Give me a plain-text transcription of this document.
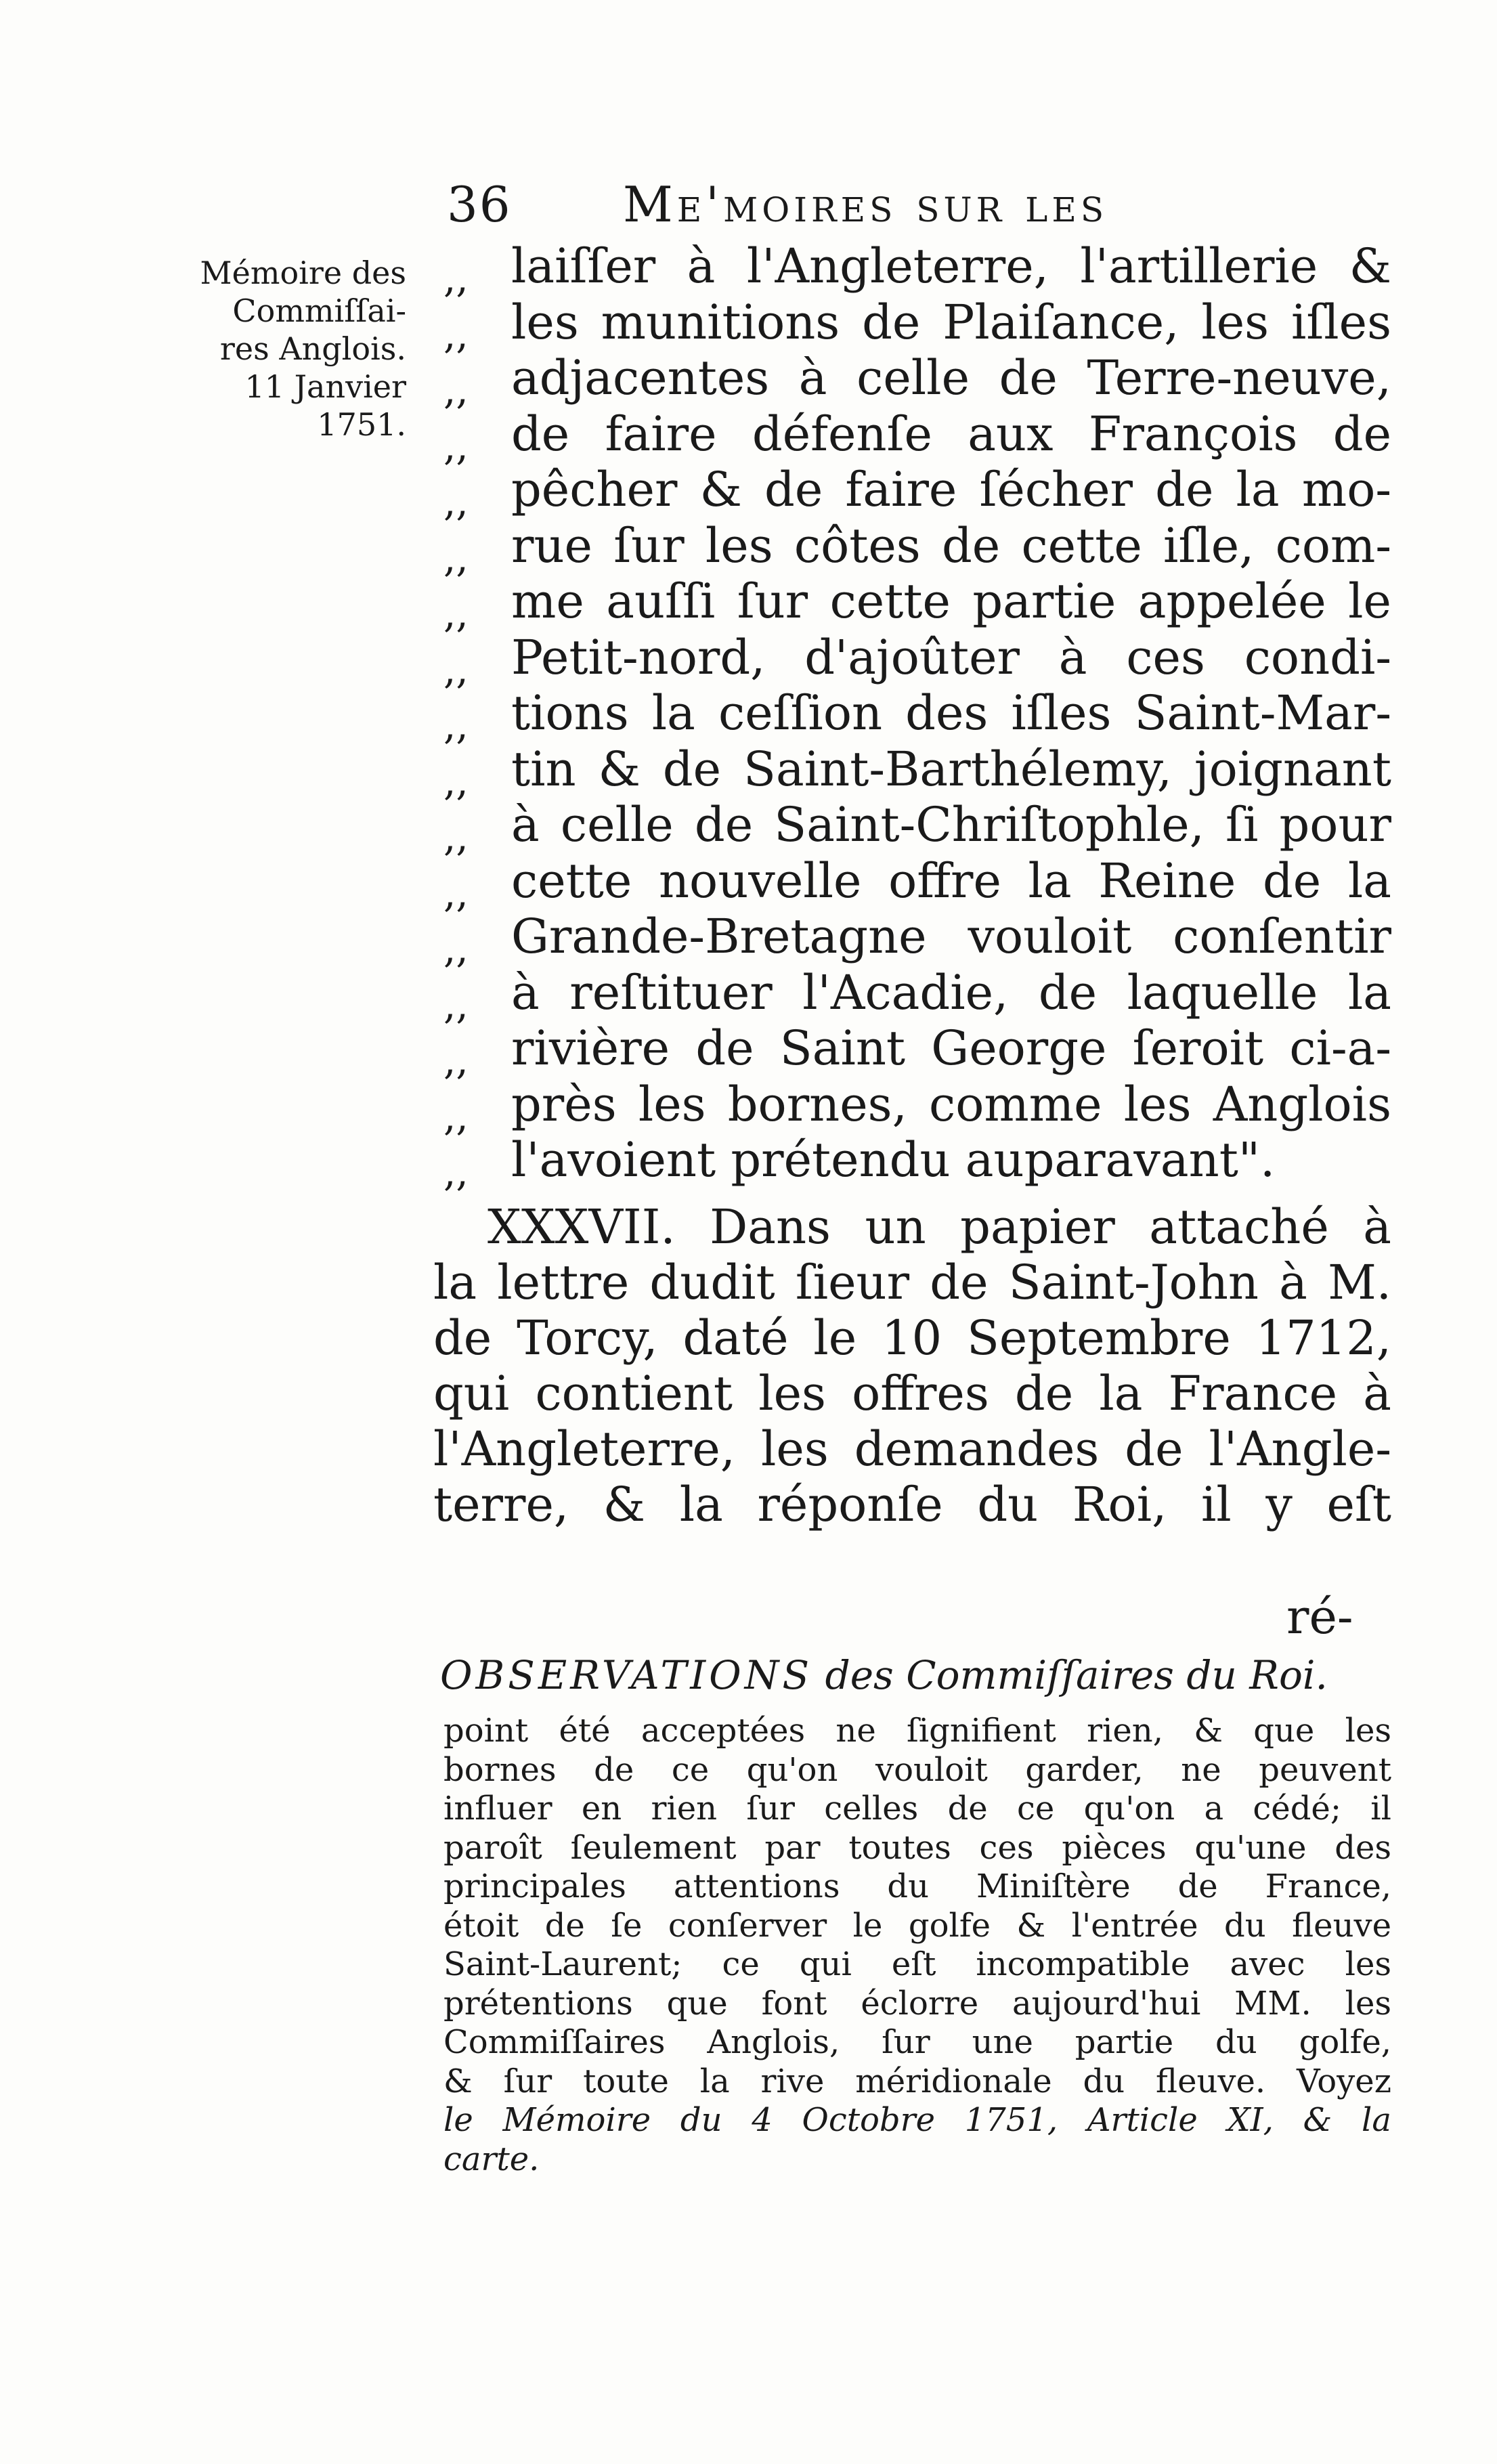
36 Me'moires sur les
Mémoire des
Commiſſai-
res Anglois.
11 Janvier
1751.
,,
,,
,,
,,
,,
,,
,,
,,
,,
,,
,,
,,
,,
,,
,,
,,
,,
laiſſer à l'Angleterre, l'artillerie &
les munitions de Plaiſance, les iſles
adjacentes à celle de Terre-neuve,
de faire défenſe aux François de
pêcher & de faire ſécher de la mo-
rue ſur les côtes de cette iſle, com-
me auſſi ſur cette partie appelée le
Petit-nord, d'ajoûter à ces condi-
tions la ceſſion des iſles Saint-Mar-
tin & de Saint-Barthélemy, joignant
à celle de Saint-Chriſtophle, ſi pour
cette nouvelle offre la Reine de la
Grande-Bretagne vouloit conſentir
à reſtituer l'Acadie, de laquelle la
rivière de Saint George ſeroit ci-a-
près les bornes, comme les Anglois
l'avoient prétendu auparavant".
XXXVII. Dans un papier attaché à
la lettre dudit ſieur de Saint-John à M.
de Torcy, daté le 10 Septembre 1712,
qui contient les offres de la France à
l'Angleterre, les demandes de l'Angle-
terre, & la réponſe du Roi, il y eſt
ré-
OBSERVATIONS des Commiſſaires du Roi.
point été acceptées ne ſignifient rien, & que les
bornes de ce qu'on vouloit garder, ne peuvent
influer en rien ſur celles de ce qu'on a cédé; il
paroît ſeulement par toutes ces pièces qu'une des
principales attentions du Miniſtère de France,
étoit de ſe conſerver le golfe & l'entrée du fleuve
Saint-Laurent; ce qui eſt incompatible avec les
prétentions que font éclorre aujourd'hui MM. les
Commiſſaires Anglois, ſur une partie du golfe,
& ſur toute la rive méridionale du fleuve. Voyez
le Mémoire du 4 Octobre 1751, Article XI, & la
carte.
